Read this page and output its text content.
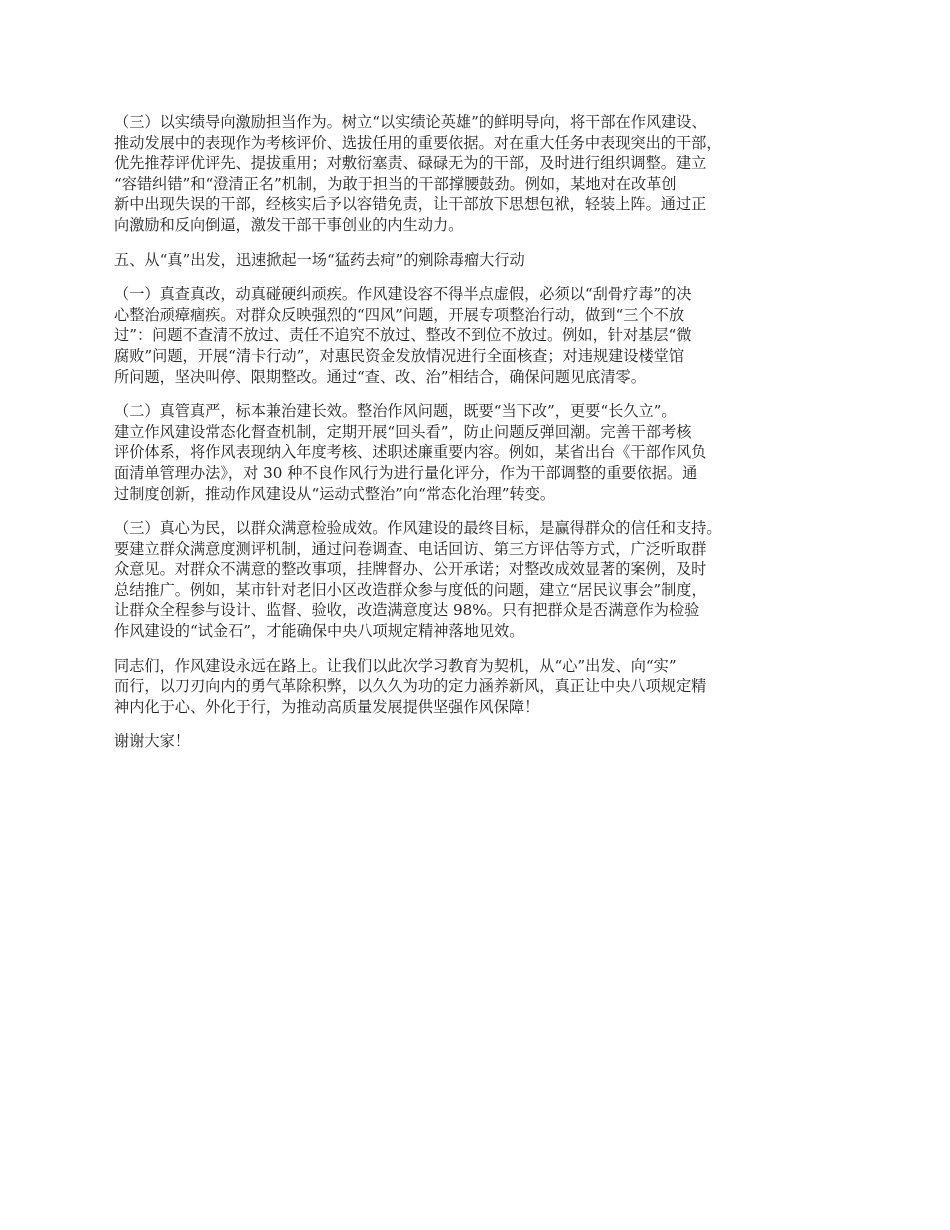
（三）以实绩导向激励担当作为。树立“以实绩论英雄”的鲜明导向，将干部在作风建设、
推动发展中的表现作为考核评价、选拔任用的重要依据。对在重大任务中表现突出的干部，
优先推荐评优评先、提拔重用；对敷衍塞责、碌碌无为的干部，及时进行组织调整。建立
“容错纠错”和“澄清正名”机制，为敢于担当的干部撑腰鼓劲。例如，某地对在改革创
新中出现失误的干部，经核实后予以容错免责，让干部放下思想包袱，轻装上阵。通过正
向激励和反向倒逼，激发干部干事创业的内生动力。
五、从“真”出发，迅速掀起一场“猛药去疴”的剜除毒瘤大行动
（一）真查真改，动真碰硬纠顽疾。作风建设容不得半点虚假，必须以“刮骨疗毒”的决
心整治顽瘴痼疾。对群众反映强烈的“四风”问题，开展专项整治行动，做到“三个不放
过”：问题不查清不放过、责任不追究不放过、整改不到位不放过。例如，针对基层“微
腐败”问题，开展“清卡行动”，对惠民资金发放情况进行全面核查；对违规建设楼堂馆
所问题，坚决叫停、限期整改。通过“查、改、治”相结合，确保问题见底清零。
（二）真管真严，标本兼治建长效。整治作风问题，既要“当下改”，更要“长久立”。
建立作风建设常态化督查机制，定期开展“回头看”，防止问题反弹回潮。完善干部考核
评价体系，将作风表现纳入年度考核、述职述廉重要内容。例如，某省出台《干部作风负
面清单管理办法》，对 30 种不良作风行为进行量化评分，作为干部调整的重要依据。通
过制度创新，推动作风建设从“运动式整治”向“常态化治理”转变。
（三）真心为民，以群众满意检验成效。作风建设的最终目标，是赢得群众的信任和支持。
要建立群众满意度测评机制，通过问卷调查、电话回访、第三方评估等方式，广泛听取群
众意见。对群众不满意的整改事项，挂牌督办、公开承诺；对整改成效显著的案例，及时
总结推广。例如，某市针对老旧小区改造群众参与度低的问题，建立“居民议事会”制度，
让群众全程参与设计、监督、验收，改造满意度达 98%。只有把群众是否满意作为检验
作风建设的“试金石”，才能确保中央八项规定精神落地见效。
同志们，作风建设永远在路上。让我们以此次学习教育为契机，从“心”出发、向“实”
而行，以刀刃向内的勇气革除积弊，以久久为功的定力涵养新风，真正让中央八项规定精
神内化于心、外化于行，为推动高质量发展提供坚强作风保障！
谢谢大家！
